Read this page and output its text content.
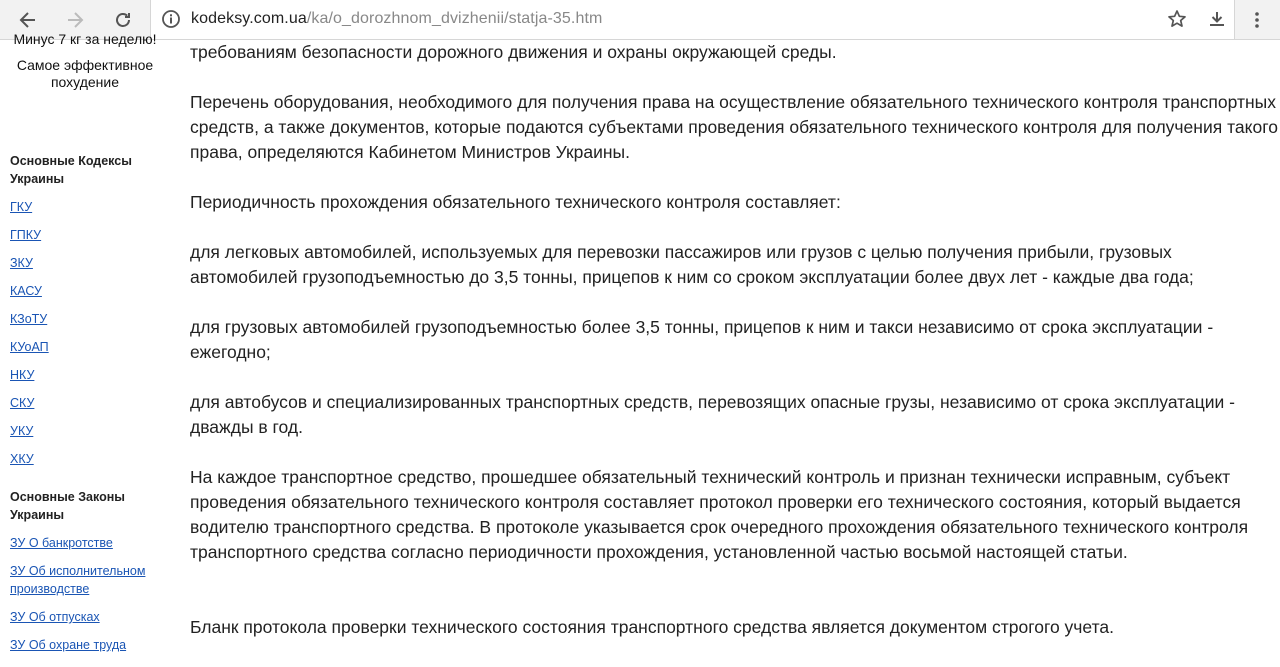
kodeksy.com.ua/ka/o_dorozhnom_dvizhenii/statja-35.htm
Минус 7 кг за неделю!
Самое эффективное
похудение
Основные Кодексы Украины
ГКУ
ГПКУ
ЗКУ
КАСУ
КЗоТУ
КУоАП
НКУ
СКУ
УКУ
ХКУ
Основные Законы Украины
ЗУ О банкротстве
ЗУ Об исполнительном производстве
ЗУ Об отпусках
ЗУ Об охране труда

требованиям безопасности дорожного движения и охраны окружающей среды.

Перечень оборудования, необходимого для получения права на осуществление обязательного технического контроля транспортных средств, а также документов, которые подаются субъектами проведения обязательного технического контроля для получения такого права, определяются Кабинетом Министров Украины.

Периодичность прохождения обязательного технического контроля составляет:

для легковых автомобилей, используемых для перевозки пассажиров или грузов с целью получения прибыли, грузовых автомобилей грузоподъемностью до 3,5 тонны, прицепов к ним со сроком эксплуатации более двух лет - каждые два года;

для грузовых автомобилей грузоподъемностью более 3,5 тонны, прицепов к ним и такси независимо от срока эксплуатации - ежегодно;

для автобусов и специализированных транспортных средств, перевозящих опасные грузы, независимо от срока эксплуатации - дважды в год.

На каждое транспортное средство, прошедшее обязательный технический контроль и признан технически исправным, субъект проведения обязательного технического контроля составляет протокол проверки его технического состояния, который выдается водителю транспортного средства. В протоколе указывается срок очередного прохождения обязательного технического контроля транспортного средства согласно периодичности прохождения, установленной частью восьмой настоящей статьи.

Бланк протокола проверки технического состояния транспортного средства является документом строгого учета.
